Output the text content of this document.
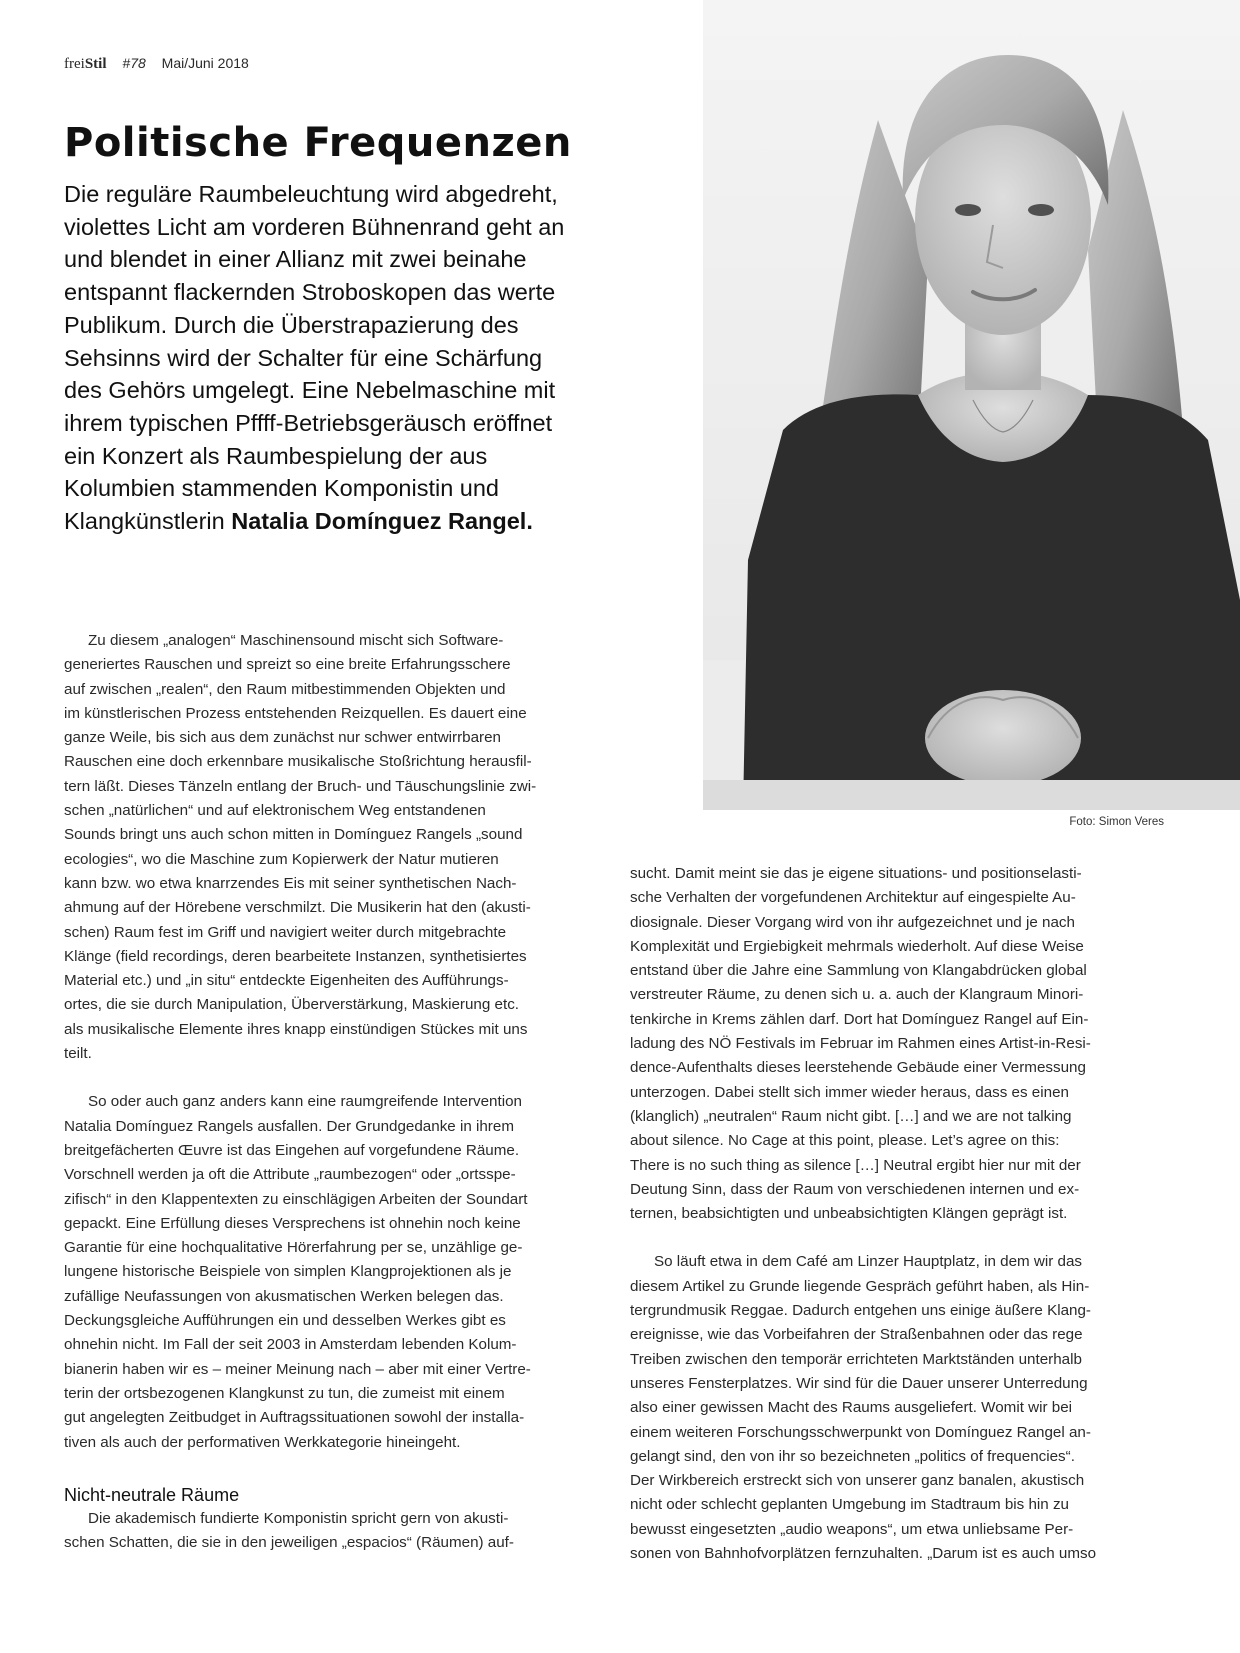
freiStil #78 Mai/Juni 2018
Politische Frequenzen
Die reguläre Raumbeleuchtung wird abgedreht,
violettes Licht am vorderen Bühnenrand geht an
und blendet in einer Allianz mit zwei beinahe
entspannt flackernden Stroboskopen das werte
Publikum. Durch die Überstrapazierung des
Sehsinns wird der Schalter für eine Schärfung
des Gehörs umgelegt. Eine Nebelmaschine mit
ihrem typischen Pffff-Betriebsgeräusch eröffnet
ein Konzert als Raumbespielung der aus
Kolumbien stammenden Komponistin und
Klangkünstlerin Natalia Domínguez Rangel.
Foto: Simon Veres
Zu diesem „analogen“ Maschinensound mischt sich Software-
generiertes Rauschen und spreizt so eine breite Erfahrungsschere
auf zwischen „realen“, den Raum mitbestimmenden Objekten und
im künstlerischen Prozess entstehenden Reizquellen. Es dauert eine
ganze Weile, bis sich aus dem zunächst nur schwer entwirrbaren
Rauschen eine doch erkennbare musikalische Stoßrichtung herausfil-
tern läßt. Dieses Tänzeln entlang der Bruch- und Täuschungslinie zwi-
schen „natürlichen“ und auf elektronischem Weg entstandenen
Sounds bringt uns auch schon mitten in Domínguez Rangels „sound
ecologies“, wo die Maschine zum Kopierwerk der Natur mutieren
kann bzw. wo etwa knarrzendes Eis mit seiner synthetischen Nach-
ahmung auf der Hörebene verschmilzt. Die Musikerin hat den (akusti-
schen) Raum fest im Griff und navigiert weiter durch mitgebrachte
Klänge (field recordings, deren bearbeitete Instanzen, synthetisiertes
Material etc.) und „in situ“ entdeckte Eigenheiten des Aufführungs-
ortes, die sie durch Manipulation, Überverstärkung, Maskierung etc.
als musikalische Elemente ihres knapp einstündigen Stückes mit uns
teilt.
So oder auch ganz anders kann eine raumgreifende Intervention
Natalia Domínguez Rangels ausfallen. Der Grundgedanke in ihrem
breitgefächerten Œuvre ist das Eingehen auf vorgefundene Räume.
Vorschnell werden ja oft die Attribute „raumbezogen“ oder „ortsspe-
zifisch“ in den Klappentexten zu einschlägigen Arbeiten der Soundart
gepackt. Eine Erfüllung dieses Versprechens ist ohnehin noch keine
Garantie für eine hochqualitative Hörerfahrung per se, unzählige ge-
lungene historische Beispiele von simplen Klangprojektionen als je
zufällige Neufassungen von akusmatischen Werken belegen das.
Deckungsgleiche Aufführungen ein und desselben Werkes gibt es
ohnehin nicht. Im Fall der seit 2003 in Amsterdam lebenden Kolum-
bianerin haben wir es – meiner Meinung nach – aber mit einer Vertre-
terin der ortsbezogenen Klangkunst zu tun, die zumeist mit einem
gut angelegten Zeitbudget in Auftragssituationen sowohl der installa-
tiven als auch der performativen Werkkategorie hineingeht.
Nicht-neutrale Räume
Die akademisch fundierte Komponistin spricht gern von akusti-
schen Schatten, die sie in den jeweiligen „espacios“ (Räumen) auf-
sucht. Damit meint sie das je eigene situations- und positionselasti-
sche Verhalten der vorgefundenen Architektur auf eingespielte Au-
diosignale. Dieser Vorgang wird von ihr aufgezeichnet und je nach
Komplexität und Ergiebigkeit mehrmals wiederholt. Auf diese Weise
entstand über die Jahre eine Sammlung von Klangabdrücken global
verstreuter Räume, zu denen sich u. a. auch der Klangraum Minori-
tenkirche in Krems zählen darf. Dort hat Domínguez Rangel auf Ein-
ladung des NÖ Festivals im Februar im Rahmen eines Artist-in-Resi-
dence-Aufenthalts dieses leerstehende Gebäude einer Vermessung
unterzogen. Dabei stellt sich immer wieder heraus, dass es einen
(klanglich) „neutralen“ Raum nicht gibt. […] and we are not talking
about silence. No Cage at this point, please. Let’s agree on this:
There is no such thing as silence […] Neutral ergibt hier nur mit der
Deutung Sinn, dass der Raum von verschiedenen internen und ex-
ternen, beabsichtigten und unbeabsichtigten Klängen geprägt ist.
So läuft etwa in dem Café am Linzer Hauptplatz, in dem wir das
diesem Artikel zu Grunde liegende Gespräch geführt haben, als Hin-
tergrundmusik Reggae. Dadurch entgehen uns einige äußere Klang-
ereignisse, wie das Vorbeifahren der Straßenbahnen oder das rege
Treiben zwischen den temporär errichteten Marktständen unterhalb
unseres Fensterplatzes. Wir sind für die Dauer unserer Unterredung
also einer gewissen Macht des Raums ausgeliefert. Womit wir bei
einem weiteren Forschungsschwerpunkt von Domínguez Rangel an-
gelangt sind, den von ihr so bezeichneten „politics of frequencies“.
Der Wirkbereich erstreckt sich von unserer ganz banalen, akustisch
nicht oder schlecht geplanten Umgebung im Stadtraum bis hin zu
bewusst eingesetzten „audio weapons“, um etwa unliebsame Per-
sonen von Bahnhofvorplätzen fernzuhalten. „Darum ist es auch umso
